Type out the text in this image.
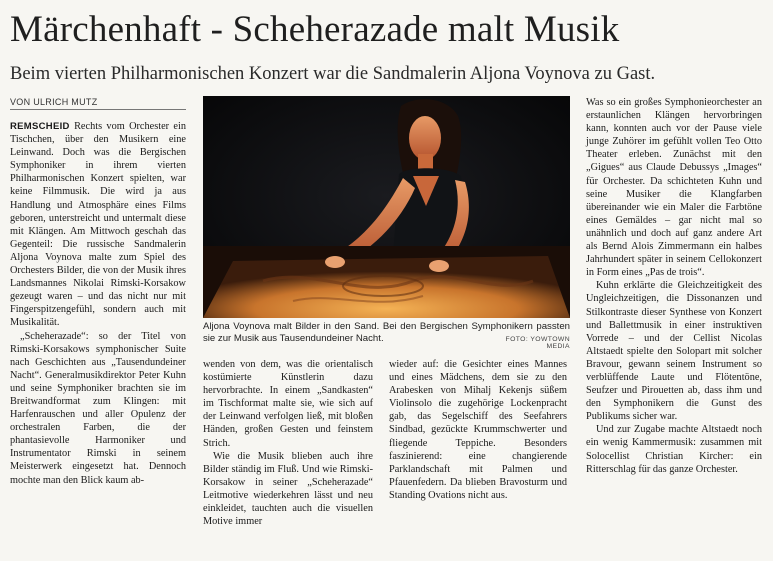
Märchenhaft - Scheherazade malt Musik
Beim vierten Philharmonischen Konzert war die Sandmalerin Aljona Voynova zu Gast.
VON ULRICH MUTZ

REMSCHEID Rechts vom Orchester ein Tischchen, über den Musikern eine Leinwand. Doch was die Bergischen Symphoniker in ihrem vierten Philharmonischen Konzert spielten, war keine Filmmusik. Die wird ja aus Handlung und Atmosphäre eines Films geboren, unterstreicht und untermalt diese mit Klängen. Am Mittwoch geschah das Gegenteil: Die russische Sandmalerin Aljona Voynova malte zum Spiel des Orchesters Bilder, die von der Musik ihres Landsmannes Nikolai Rimski-Korsakow gezeugt waren – und das nicht nur mit Fingerspitzengefühl, sondern auch mit Musikalität.

„Scheherazade“: so der Titel von Rimski-Korsakows symphonischer Suite nach Geschichten aus „Tausendundeiner Nacht“. Generalmusikdirektor Peter Kuhn und seine Symphoniker brachten sie im Breitwandformat zum Klingen: mit Harfenrauschen und aller Opulenz der orchestralen Farben, die der phantasievolle Harmoniker und Instrumentator Rimski in seinem Meisterwerk eingesetzt hat. Dennoch mochte man den Blick kaum ab-

Aljona Voynova malt Bilder in den Sand. Bei den Bergischen Symphonikern passten sie zur Musik aus Tausendundeiner Nacht.	FOTO: YOWTOWN MEDIA

wenden von dem, was die orientalisch kostümierte Künstlerin dazu hervorbrachte. In einem „Sandkasten“ im Tischformat malte sie, wie sich auf der Leinwand verfolgen ließ, mit bloßen Händen, großen Gesten und feinstem Strich.

Wie die Musik blieben auch ihre Bilder ständig im Fluß. Und wie Rimski-Korsakow in seiner „Scheherazade“ Leitmotive wiederkehren lässt und neu einkleidet, tauchten auch die visuellen Motive immer

wieder auf: die Gesichter eines Mannes und eines Mädchens, dem sie zu den Arabesken von Mihalj Kekenjs süßem Violinsolo die zugehörige Lockenpracht gab, das Segelschiff des Seefahrers Sindbad, gezückte Krummschwerter und fliegende Teppiche. Besonders faszinierend: eine changierende Parklandschaft mit Palmen und Pfauenfedern. Da blieben Bravosturm und Standing Ovations nicht aus.

Was so ein großes Symphonieorchester an erstaunlichen Klängen hervorbringen kann, konnten auch vor der Pause viele junge Zuhörer im gefühlt vollen Teo Otto Theater erleben. Zunächst mit den „Gigues“ aus Claude Debussys „Images“ für Orchester. Da schichteten Kuhn und seine Musiker die Klangfarben übereinander wie ein Maler die Farbtöne eines Gemäldes – gar nicht mal so unähnlich und doch auf ganz andere Art als Bernd Alois Zimmermann ein halbes Jahrhundert später in seinem Cellokonzert in Form eines „Pas de trois“.

Kuhn erklärte die Gleichzeitigkeit des Ungleichzeitigen, die Dissonanzen und Stilkontraste dieser Synthese von Konzert und Ballettmusik in einer instruktiven Vorrede – und der Cellist Nicolas Altstaedt spielte den Solopart mit solcher Bravour, gewann seinem Instrument so verblüffende Laute und Flötentöne, Seufzer und Pirouetten ab, dass ihm und den Symphonikern die Gunst des Publikums sicher war.

Und zur Zugabe machte Altstaedt noch ein wenig Kammermusik: zusammen mit Solocellist Christian Kircher: ein Ritterschlag für das ganze Orchester.
